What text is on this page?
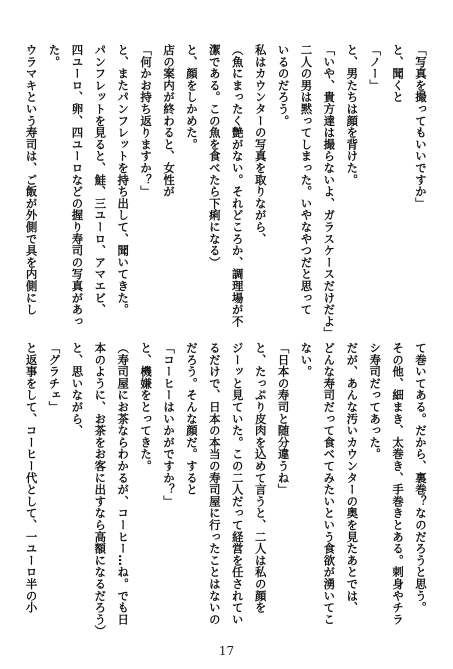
「写真を撮ってもいいですか」
と、聞くと
「ノー」
と、男たちは顔を背けた。
「いや、貴方達は撮らないよ、ガラスケースだけだよ」
二人の男は黙ってしまった。いやなやつだと思って
いるのだろう。
私はカウンターの写真を取りながら、
（魚にまったく艶がない。それどころか、調理場が不
潔である。この魚を食べたら下痢になる）
と、顔をしかめた。
店の案内が終わると、女性が
「何かお持ち返りますか？」
と、またパンフレットを持ち出して、聞いてきた。
パンフレットを見ると、鮭、三ユーロ、アマエビ、
四ユーロ、卵、四ユーロなどの握り寿司の写真があっ
た。
ウラマキという寿司は、ご飯が外側で具を内側にし
て巻いてある。だから、裏巻？なのだろうと思う。
その他、細まき、太巻き、手巻きとある。刺身やチラ
シ寿司だってあった。
だが、あんな汚いカウンターの奥を見たあとでは、
どんな寿司だって食べてみたいという食欲が湧いてこ
ない。
「日本の寿司と随分違うね」
と、たっぷり皮肉を込めて言うと、二人は私の顔を
ジーッと見ていた。この二人だって経営を任されてい
るだけで、日本の本当の寿司屋に行ったことはないの
だろう。そんな顔だ。すると
「コーヒーはいかがですか？」
と、機嫌をとってきた。
（寿司屋にお茶ならわかるが、コーヒー…ね。でも日
本のように、お茶をお客に出すなら高額になるだろう）
と、思いながら、
「グラチェ」
と返事をして、コーヒー代として、一ユーロ半の小
17
